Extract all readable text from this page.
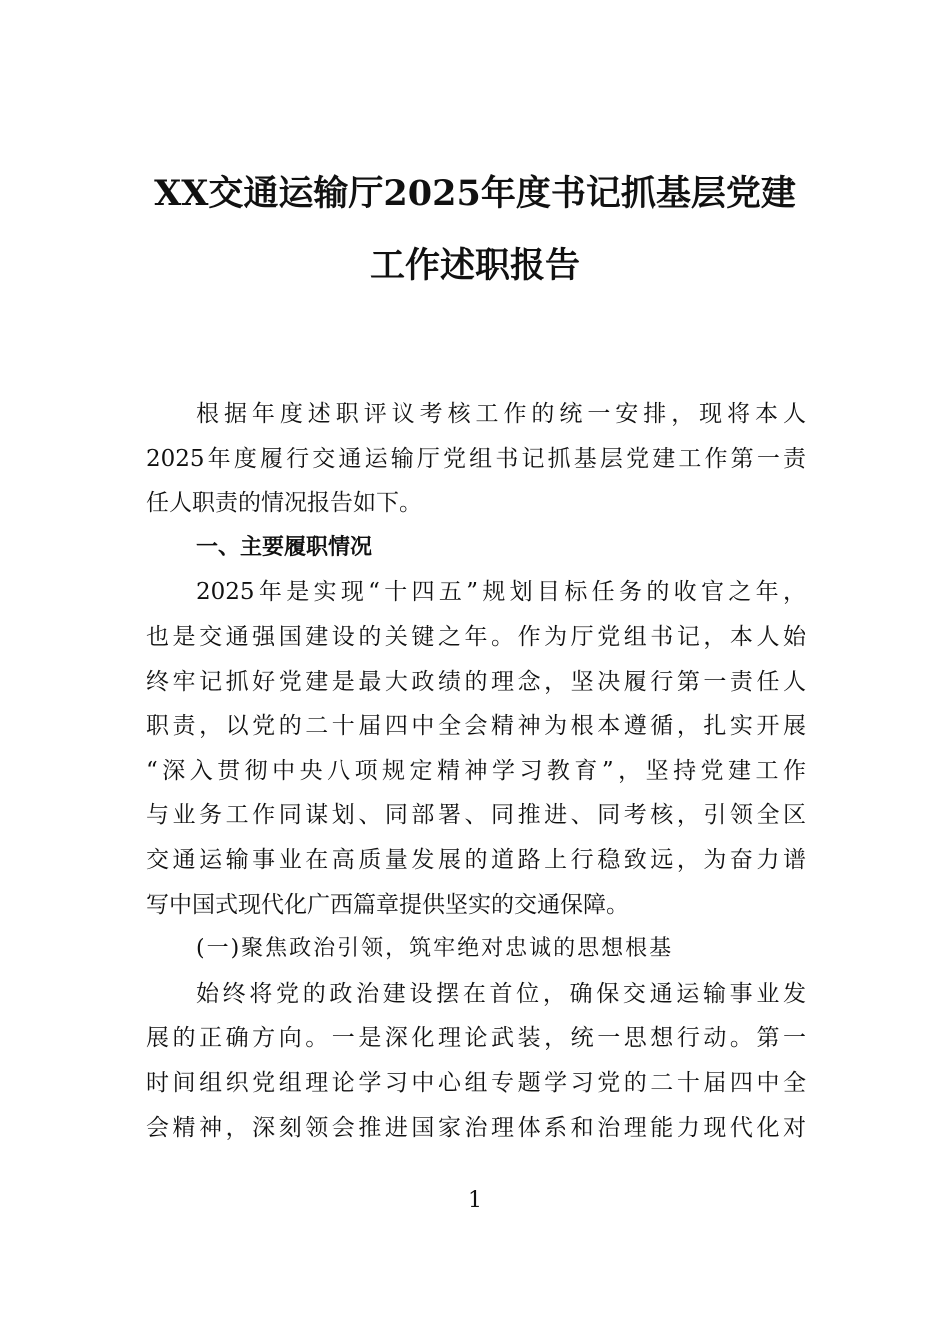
XX交通运输厅2025年度书记抓基层党建
工作述职报告
根据年度述职评议考核工作的统一安排，现将本人
2025年度履行交通运输厅党组书记抓基层党建工作第一责
任人职责的情况报告如下。
一、主要履职情况
2025年是实现“十四五”规划目标任务的收官之年，
也是交通强国建设的关键之年。作为厅党组书记，本人始
终牢记抓好党建是最大政绩的理念，坚决履行第一责任人
职责，以党的二十届四中全会精神为根本遵循，扎实开展
“深入贯彻中央八项规定精神学习教育”，坚持党建工作
与业务工作同谋划、同部署、同推进、同考核，引领全区
交通运输事业在高质量发展的道路上行稳致远，为奋力谱
写中国式现代化广西篇章提供坚实的交通保障。
(一)聚焦政治引领，筑牢绝对忠诚的思想根基
始终将党的政治建设摆在首位，确保交通运输事业发
展的正确方向。一是深化理论武装，统一思想行动。第一
时间组织党组理论学习中心组专题学习党的二十届四中全
会精神，深刻领会推进国家治理体系和治理能力现代化对
1
